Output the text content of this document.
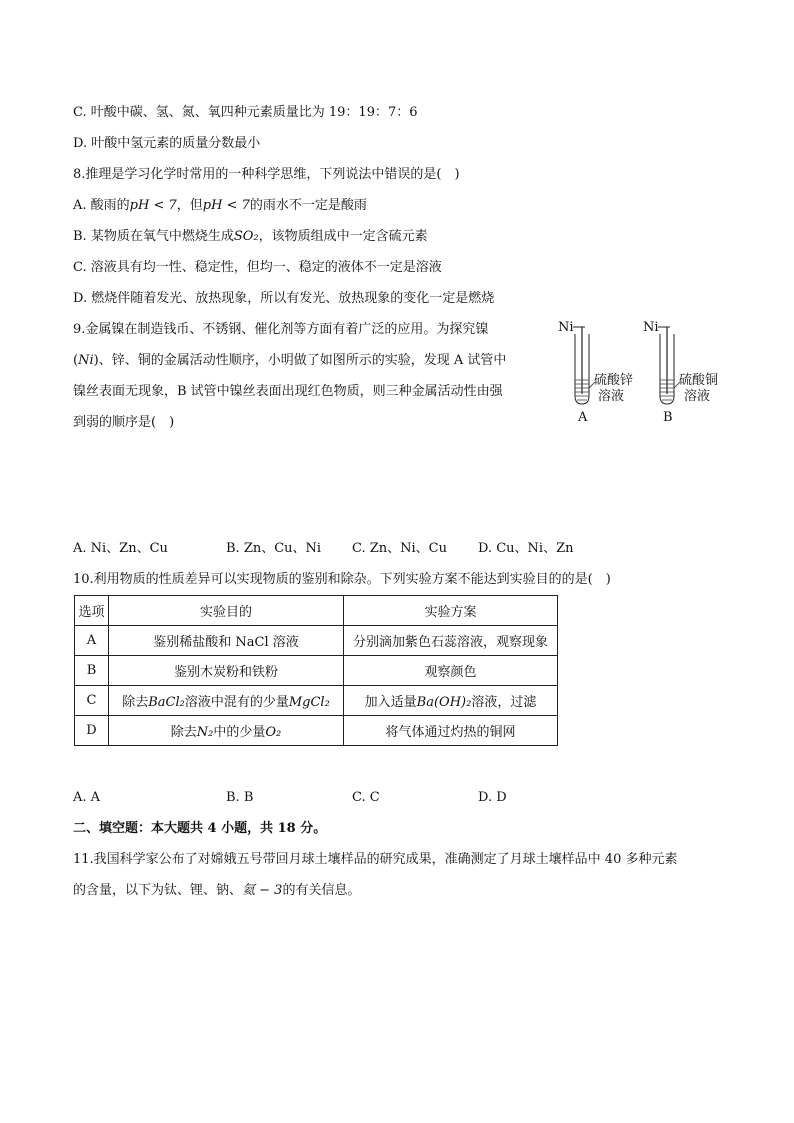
C. 叶酸中碳、氢、氮、氧四种元素质量比为 19：19：7：6
D. 叶酸中氢元素的质量分数最小
8.推理是学习化学时常用的一种科学思维，下列说法中错误的是(　)
A. 酸雨的pH < 7，但pH < 7的雨水不一定是酸雨
B. 某物质在氧气中燃烧生成SO₂，该物质组成中一定含硫元素
C. 溶液具有均一性、稳定性，但均一、稳定的液体不一定是溶液
D. 燃烧伴随着发光、放热现象，所以有发光、放热现象的变化一定是燃烧
9.金属镍在制造钱币、不锈钢、催化剂等方面有着广泛的应用。为探究镍
(Ni)、锌、铜的金属活动性顺序，小明做了如图所示的实验，发现 A 试管中
镍丝表面无现象，B 试管中镍丝表面出现红色物质，则三种金属活动性由强
到弱的顺序是(　)
Ni
硫酸锌
溶液
A
Ni
硫酸铜
溶液
B
A. Ni、Zn、Cu	B. Zn、Cu、Ni C. Zn、Ni、Cu D. Cu、Ni、Zn
10.利用物质的性质差异可以实现物质的鉴别和除杂。下列实验方案不能达到实验目的的是(　)
选项	实验目的	实验方案
A	鉴别稀盐酸和 NaCl 溶液	分别滴加紫色石蕊溶液，观察现象
B	鉴别木炭粉和铁粉	观察颜色
C	除去BaCl₂溶液中混有的少量MgCl₂	加入适量Ba(OH)₂溶液，过滤
D	除去N₂中的少量O₂	将气体通过灼热的铜网
A. A	B. B	C. C	D. D
二、填空题：本大题共 4 小题，共 18 分。
11.我国科学家公布了对嫦娥五号带回月球土壤样品的研究成果，准确测定了月球土壤样品中 40 多种元素
的含量，以下为钛、锂、钠、氦 − 3的有关信息。
